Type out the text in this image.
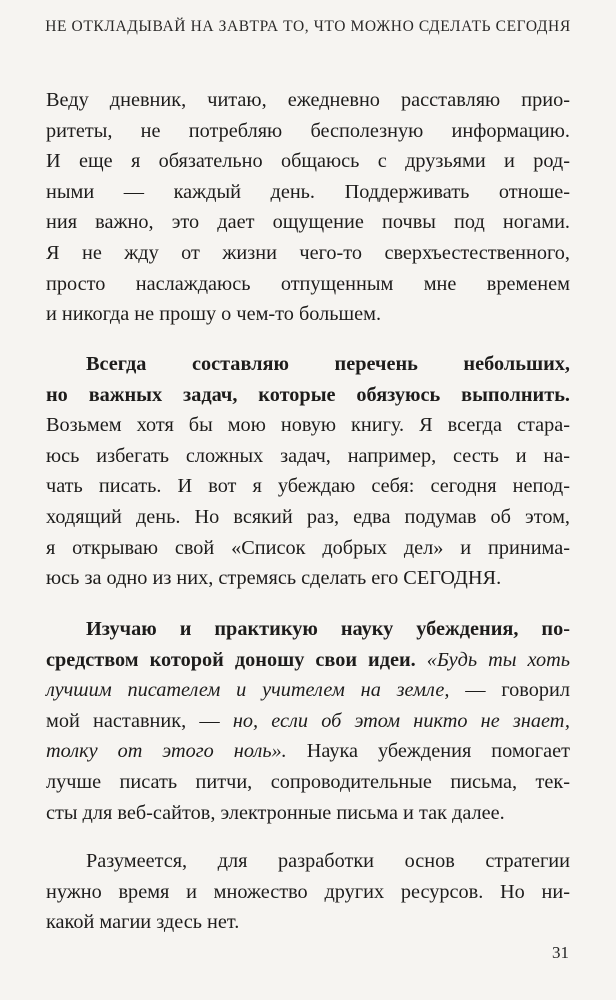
НЕ ОТКЛАДЫВАЙ НА ЗАВТРА ТО, ЧТО МОЖНО СДЕЛАТЬ СЕГОДНЯ
Веду дневник, читаю, ежедневно расставляю прио-
ритеты, не потребляю бесполезную информацию.
И еще я обязательно общаюсь с друзьями и род-
ными — каждый день. Поддерживать отноше-
ния важно, это дает ощущение почвы под ногами.
Я не жду от жизни чего-то сверхъестественного,
просто наслаждаюсь отпущенным мне временем
и никогда не прошу о чем-то большем.
Всегда составляю перечень небольших,
но важных задач, которые обязуюсь выполнить.
Возьмем хотя бы мою новую книгу. Я всегда стара-
юсь избегать сложных задач, например, сесть и на-
чать писать. И вот я убеждаю себя: сегодня непод-
ходящий день. Но всякий раз, едва подумав об этом,
я открываю свой «Список добрых дел» и принима-
юсь за одно из них, стремясь сделать его СЕГОДНЯ.
Изучаю и практикую науку убеждения, по-
средством которой доношу свои идеи. «Будь ты хоть
лучшим писателем и учителем на земле, — говорил
мой наставник, — но, если об этом никто не знает,
толку от этого ноль». Наука убеждения помогает
лучше писать питчи, сопроводительные письма, тек-
сты для веб-сайтов, электронные письма и так далее.
Разумеется, для разработки основ стратегии
нужно время и множество других ресурсов. Но ни-
какой магии здесь нет.
31
